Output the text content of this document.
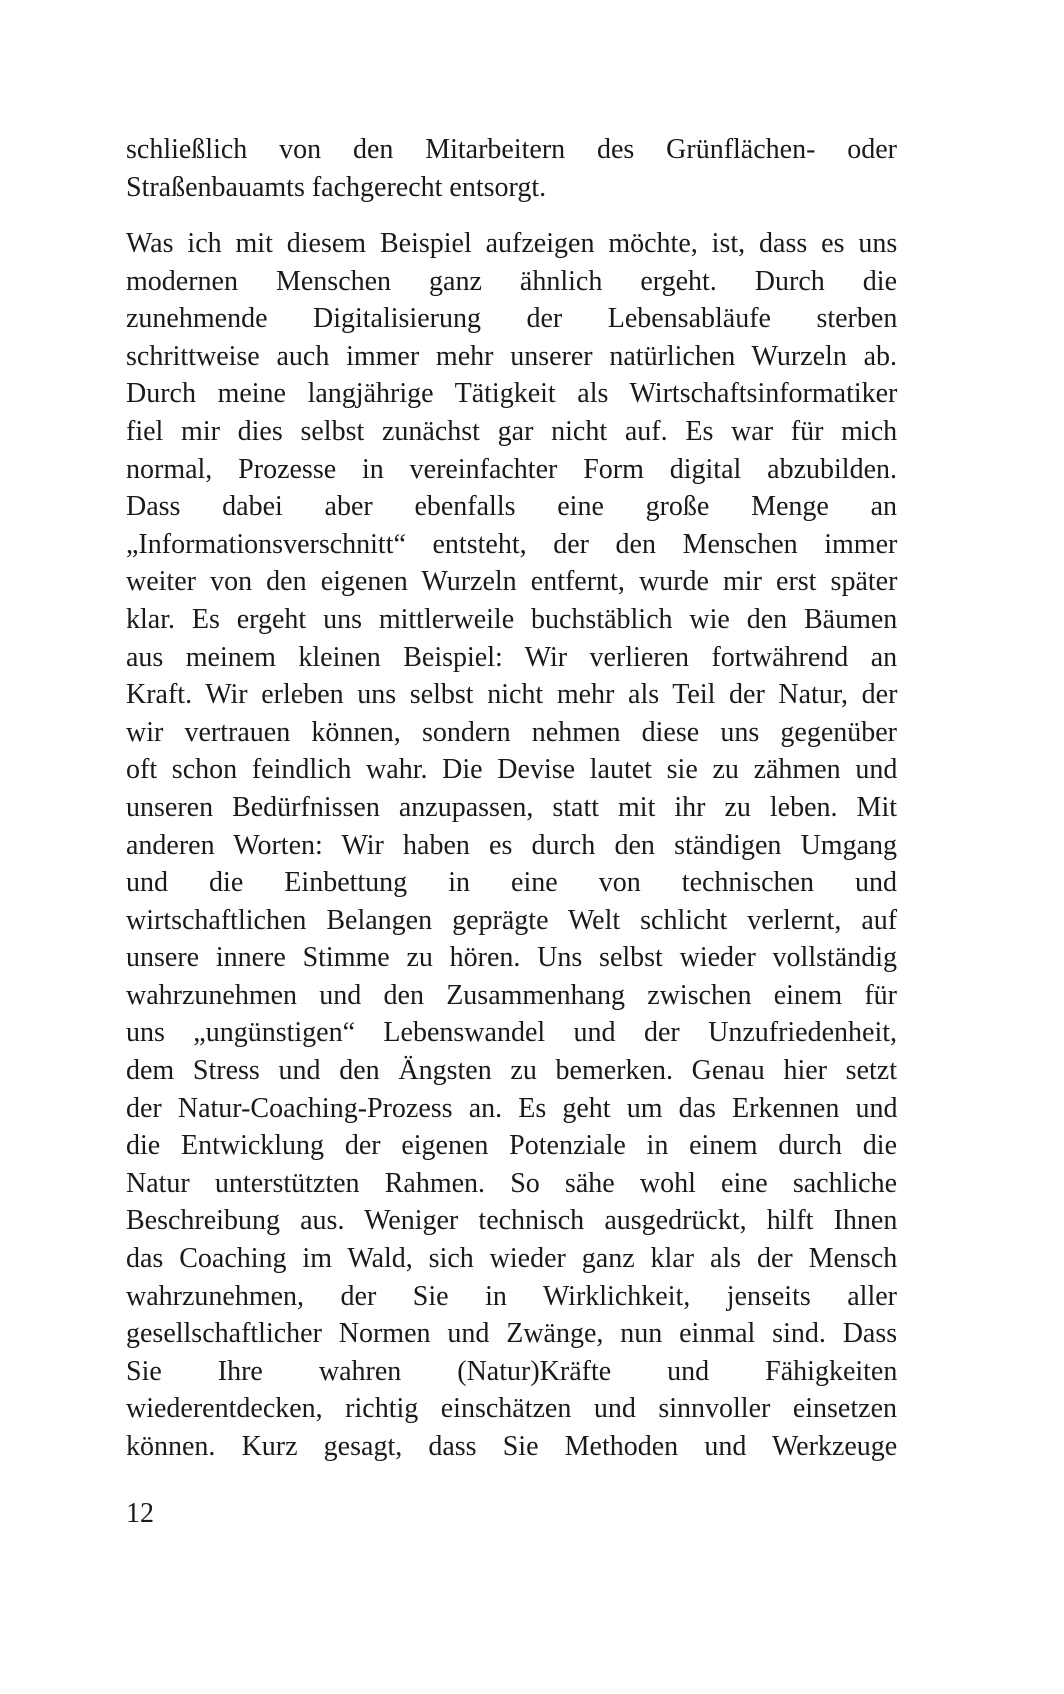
schließlich von den Mitarbeitern des Grünflächen- oder
Straßenbauamts fachgerecht entsorgt.
Was ich mit diesem Beispiel aufzeigen möchte, ist, dass es uns
modernen Menschen ganz ähnlich ergeht. Durch die
zunehmende Digitalisierung der Lebensabläufe sterben
schrittweise auch immer mehr unserer natürlichen Wurzeln ab.
Durch meine langjährige Tätigkeit als Wirtschaftsinformatiker
fiel mir dies selbst zunächst gar nicht auf. Es war für mich
normal, Prozesse in vereinfachter Form digital abzubilden.
Dass dabei aber ebenfalls eine große Menge an
„Informationsverschnitt“ entsteht, der den Menschen immer
weiter von den eigenen Wurzeln entfernt, wurde mir erst später
klar. Es ergeht uns mittlerweile buchstäblich wie den Bäumen
aus meinem kleinen Beispiel: Wir verlieren fortwährend an
Kraft. Wir erleben uns selbst nicht mehr als Teil der Natur, der
wir vertrauen können, sondern nehmen diese uns gegenüber
oft schon feindlich wahr. Die Devise lautet sie zu zähmen und
unseren Bedürfnissen anzupassen, statt mit ihr zu leben. Mit
anderen Worten: Wir haben es durch den ständigen Umgang
und die Einbettung in eine von technischen und
wirtschaftlichen Belangen geprägte Welt schlicht verlernt, auf
unsere innere Stimme zu hören. Uns selbst wieder vollständig
wahrzunehmen und den Zusammenhang zwischen einem für
uns „ungünstigen“ Lebenswandel und der Unzufriedenheit,
dem Stress und den Ängsten zu bemerken. Genau hier setzt
der Natur-Coaching-Prozess an. Es geht um das Erkennen und
die Entwicklung der eigenen Potenziale in einem durch die
Natur unterstützten Rahmen. So sähe wohl eine sachliche
Beschreibung aus. Weniger technisch ausgedrückt, hilft Ihnen
das Coaching im Wald, sich wieder ganz klar als der Mensch
wahrzunehmen, der Sie in Wirklichkeit, jenseits aller
gesellschaftlicher Normen und Zwänge, nun einmal sind. Dass
Sie Ihre wahren (Natur)Kräfte und Fähigkeiten
wiederentdecken, richtig einschätzen und sinnvoller einsetzen
können. Kurz gesagt, dass Sie Methoden und Werkzeuge
12
